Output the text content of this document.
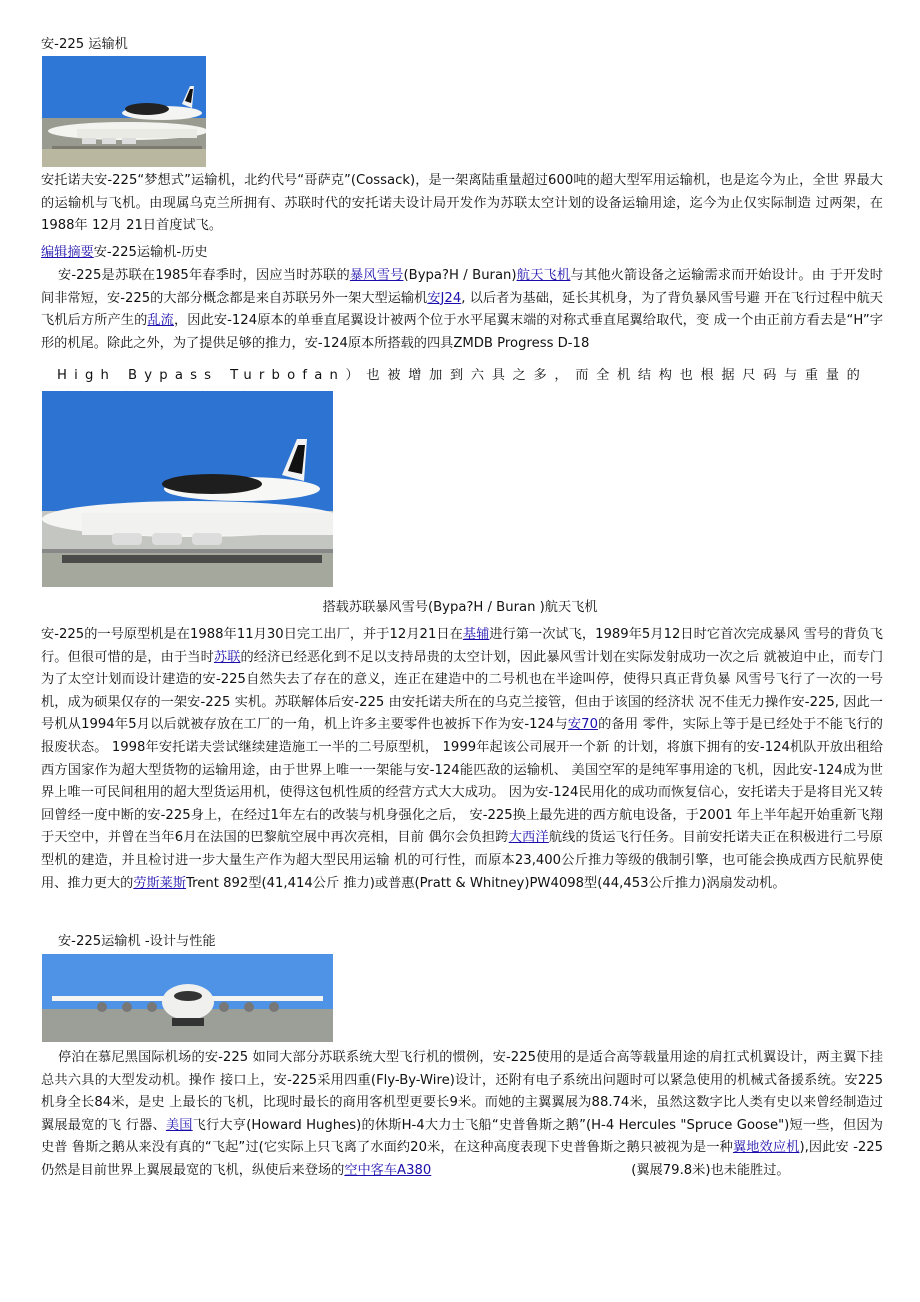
安-225 运输机

安托诺夫安-225“梦想式”运输机，北约代号“哥萨克”(Cossack)，是一架离陆重量超过600吨的超大型军用运输机，也是迄今为止，全世 界最大的运输机与飞机。由现属乌克兰所拥有、苏联时代的安托诺夫设计局开发作为苏联太空计划的设备运输用途，迄今为止仅实际制造 过两架，在1988年 12月 21日首度试飞。

编辑摘要安-225运输机-历史

安-225是苏联在1985年春季时，因应当时苏联的暴风雪号(Bypa?H / Buran)航天飞机与其他火箭设备之运输需求而开始设计。由 于开发时间非常短，安-225的大部分概念都是来自苏联另外一架大型运输机安J24, 以后者为基础，延长其机身，为了背负暴风雪号避 开在飞行过程中航天飞机后方所产生的乱流，因此安-124原本的单垂直尾翼设计被两个位于水平尾翼末端的对称式垂直尾翼给取代，变 成一个由正前方看去是“H”字形的机尾。除此之外，为了提供足够的推力，安-124原本所搭载的四具ZMDB Progress D-18

High Bypass Turbofan）也被增加到六具之多，而全机结构也根据尺码与重量的

搭载苏联暴风雪号(Bypa?H / Buran )航天飞机

安-225的一号原型机是在1988年11月30日完工出厂，并于12月21日在基辅进行第一次试飞，1989年5月12日时它首次完成暴风 雪号的背负飞行。但很可惜的是，由于当时苏联的经济已经恶化到不足以支持昂贵的太空计划，因此暴风雪计划在实际发射成功一次之后 就被迫中止，而专门为了太空计划而设计建造的安-225自然失去了存在的意义，连正在建造中的二号机也在半途叫停，使得只真正背负暴 风雪号飞行了一次的一号机，成为硕果仅存的一架安-225 实机。苏联解体后安-225 由安托诺夫所在的乌克兰接管，但由于该国的经济状 况不佳无力操作安-225, 因此一号机从1994年5月以后就被存放在工厂的一角，机上许多主要零件也被拆下作为安-124与安70的备用 零件，实际上等于是已经处于不能飞行的报废状态。 1998年安托诺夫尝试继续建造施工一半的二号原型机， 1999年起该公司展开一个新 的计划，将旗下拥有的安-124机队开放出租给西方国家作为超大型货物的运输用途，由于世界上唯一一架能与安-124能匹敌的运输机、 美国空军的是纯军事用途的飞机，因此安-124成为世界上唯一可民间租用的超大型货运用机，使得这包机性质的经营方式大大成功。 因为安-124民用化的成功而恢复信心，安托诺夫于是将目光又转回曾经一度中断的安-225身上，在经过1年左右的改装与机身强化之后， 安-225换上最先进的西方航电设备，于2001 年上半年起开始重新飞翔于天空中，并曾在当年6月在法国的巴黎航空展中再次亮相，目前 偶尔会负担跨大西洋航线的货运飞行任务。目前安托诺夫正在积极进行二号原型机的建造，并且检讨进一步大量生产作为超大型民用运输 机的可行性，而原本23,400公斤推力等级的俄制引擎，也可能会换成西方民航界使用、推力更大的劳斯莱斯Trent 892型(41,414公斤 推力)或普惠(Pratt & Whitney)PW4098型(44,453公斤推力)涡扇发动机。

安-225运输机 -设计与性能

停泊在慕尼黑国际机场的安-225 如同大部分苏联系统大型飞行机的惯例，安-225使用的是适合高等载量用途的肩扛式机翼设计，两主翼下挂总共六具的大型发动机。操作 接口上，安-225采用四重(Fly-By-Wire)设计，还附有电子系统出问题时可以紧急使用的机械式备援系统。安225机身全长84米，是史 上最长的飞机，比现时最长的商用客机型更要长9米。而她的主翼翼展为88.74米，虽然这数字比人类有史以来曾经制造过翼展最宽的飞 行器、美国飞行大亨(Howard Hughes)的休斯H-4大力士飞船“史普鲁斯之鹅”(H-4 Hercules "Spruce Goose")短一些，但因为史普 鲁斯之鹅从来没有真的“飞起”过(它实际上只飞离了水面约20米，在这种高度表现下史普鲁斯之鹅只被视为是一种翼地效应机),因此安 -225仍然是目前世界上翼展最宽的飞机，纵使后来登场的空中客车A380	(翼展79.8米)也未能胜过。
